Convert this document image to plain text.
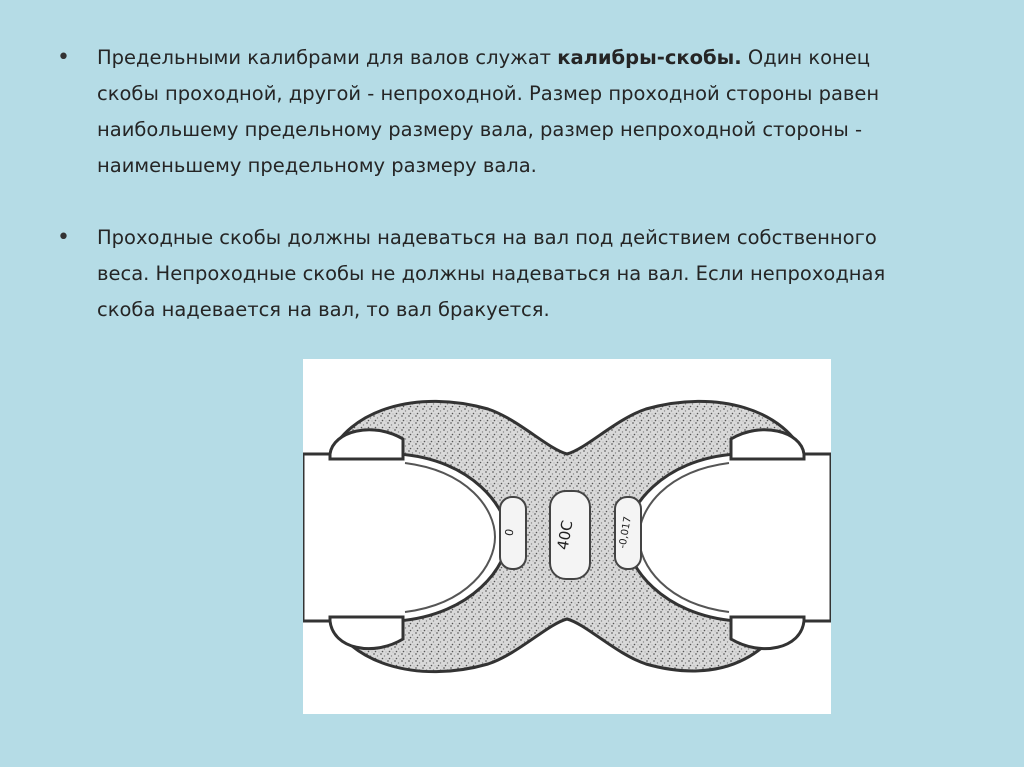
• Предельными калибрами для валов служат калибры-скобы. Один конец скобы проходной, другой - непроходной. Размер проходной стороны равен наибольшему предельному размеру вала, размер непроходной стороны - наименьшему предельному размеру вала.
• Проходные скобы должны надеваться на вал под действием собственного веса. Непроходные скобы не должны надеваться на вал. Если непроходная скоба надевается на вал, то вал бракуется.
0 40С	-0,017
